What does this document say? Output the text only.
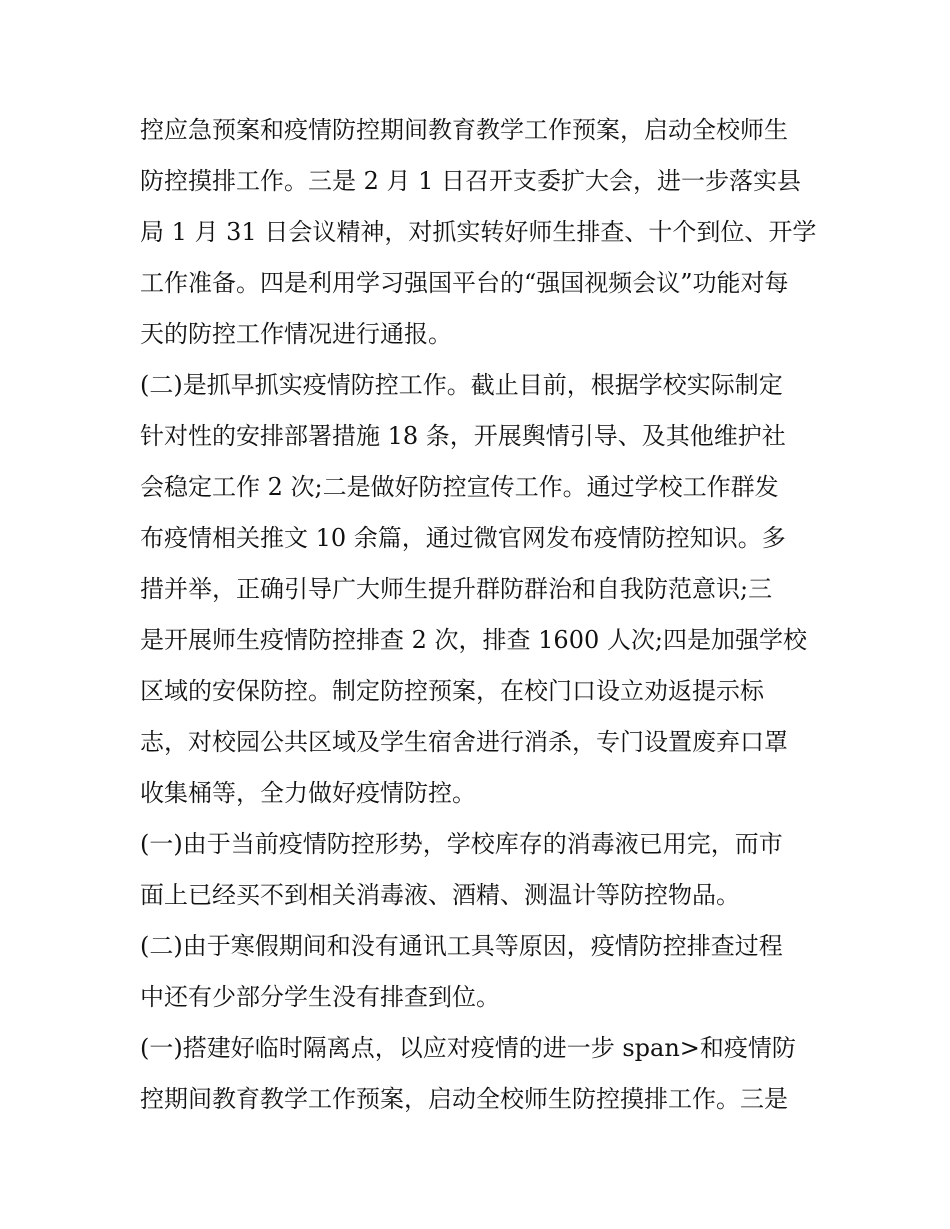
控应急预案和疫情防控期间教育教学工作预案，启动全校师生
防控摸排工作。三是 2 月 1 日召开支委扩大会，进一步落实县
局 1 月 31 日会议精神，对抓实转好师生排查、十个到位、开学
工作准备。四是利用学习强国平台的“强国视频会议”功能对每
天的防控工作情况进行通报。
(二)是抓早抓实疫情防控工作。截止目前，根据学校实际制定
针对性的安排部署措施 18 条，开展舆情引导、及其他维护社
会稳定工作 2 次;二是做好防控宣传工作。通过学校工作群发
布疫情相关推文 10 余篇，通过微官网发布疫情防控知识。多
措并举，正确引导广大师生提升群防群治和自我防范意识;三
是开展师生疫情防控排查 2 次，排查 1600 人次;四是加强学校
区域的安保防控。制定防控预案，在校门口设立劝返提示标
志，对校园公共区域及学生宿舍进行消杀，专门设置废弃口罩
收集桶等，全力做好疫情防控。
(一)由于当前疫情防控形势，学校库存的消毒液已用完，而市
面上已经买不到相关消毒液、酒精、测温计等防控物品。
(二)由于寒假期间和没有通讯工具等原因，疫情防控排查过程
中还有少部分学生没有排查到位。
(一)搭建好临时隔离点，以应对疫情的进一步 span>和疫情防
控期间教育教学工作预案，启动全校师生防控摸排工作。三是
